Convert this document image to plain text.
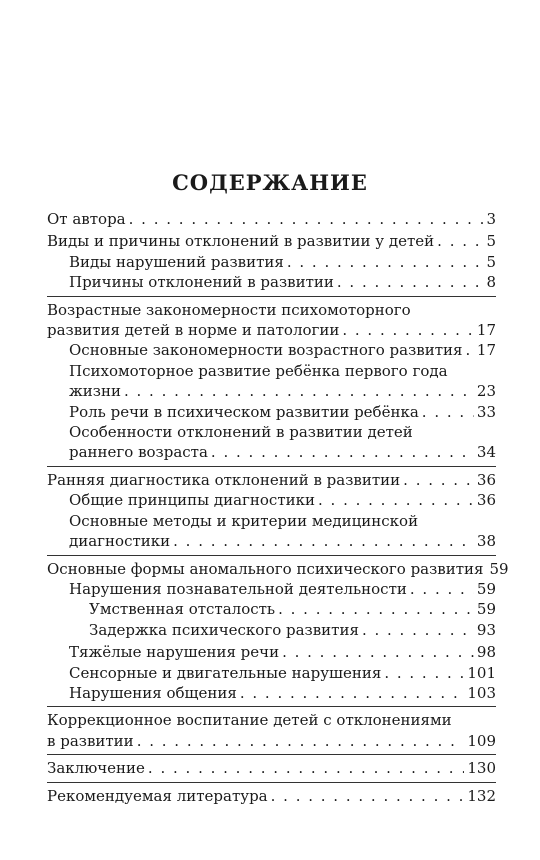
СОДЕРЖАНИЕ
От автора . . .	3
Виды и причины отклонений в развитии у детей . . .	5
Виды нарушений развития . . .	5
Причины отклонений в развитии . . .	8
Возрастные закономерности психомоторного
развития детей в норме и патологии . . .	17
Основные закономерности возрастного развития . . . 17
Психомоторное развитие ребёнка первого года
жизни . . .	23
Роль речи в психическом развитии ребёнка . . .	33
Особенности отклонений в развитии детей
раннего возраста . . .	34
Ранняя диагностика отклонений в развитии . . .	36
Общие принципы диагностики . . .	36
Основные методы и критерии медицинской
диагностики . . .	38
Основные формы аномального психического развития 59
Нарушения познавательной деятельности . . .	59
Умственная отсталость . . .	59
Задержка психического развития . . .	93
Тяжёлые нарушения речи . . .	98
Сенсорные и двигательные нарушения . . .	101
Нарушения общения . . .	103
Коррекционное воспитание детей с отклонениями
в развитии . . .	109
Заключение . . .	130
Рекомендуемая литература . . .	132
